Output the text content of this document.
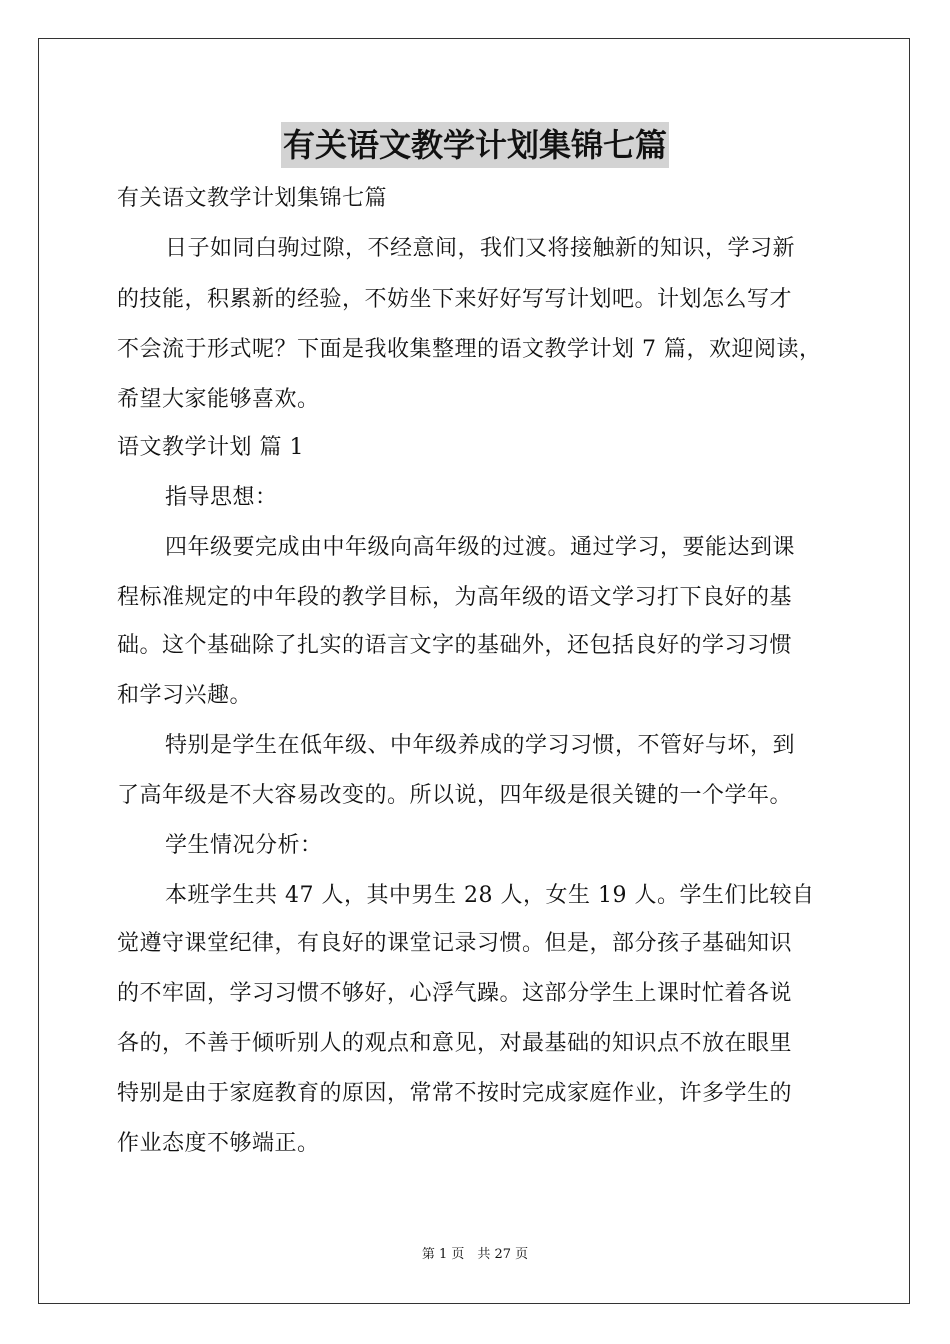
有关语文教学计划集锦七篇
有关语文教学计划集锦七篇
日子如同白驹过隙，不经意间，我们又将接触新的知识，学习新
的技能，积累新的经验，不妨坐下来好好写写计划吧。计划怎么写才
不会流于形式呢？下面是我收集整理的语文教学计划 7 篇，欢迎阅读，
希望大家能够喜欢。
语文教学计划 篇 1
指导思想：
四年级要完成由中年级向高年级的过渡。通过学习，要能达到课
程标准规定的中年段的教学目标，为高年级的语文学习打下良好的基
础。这个基础除了扎实的语言文字的基础外，还包括良好的学习习惯
和学习兴趣。
特别是学生在低年级、中年级养成的学习习惯，不管好与坏，到
了高年级是不大容易改变的。所以说，四年级是很关键的一个学年。
学生情况分析：
本班学生共 47 人，其中男生 28 人，女生 19 人。学生们比较自
觉遵守课堂纪律，有良好的课堂记录习惯。但是，部分孩子基础知识
的不牢固，学习习惯不够好，心浮气躁。这部分学生上课时忙着各说
各的，不善于倾听别人的观点和意见，对最基础的知识点不放在眼里
特别是由于家庭教育的原因，常常不按时完成家庭作业，许多学生的
作业态度不够端正。
第 1 页　共 27 页
